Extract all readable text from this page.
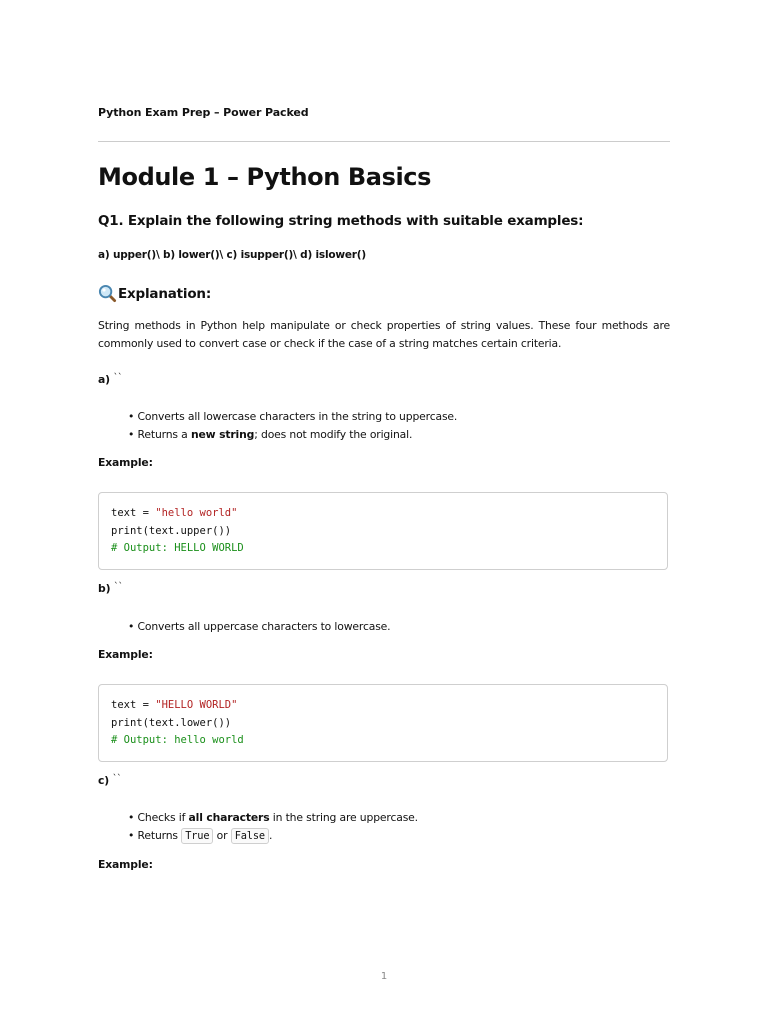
Python Exam Prep – Power Packed
Module 1 – Python Basics
Q1. Explain the following string methods with suitable examples:
a) upper()\ b) lower()\ c) isupper()\ d) islower()
Explanation:
String methods in Python help manipulate or check properties of string values. These four methods are commonly used to convert case or check if the case of a string matches certain criteria.
a) ``
• Converts all lowercase characters in the string to uppercase.
• Returns a new string; does not modify the original.
Example:
text = "hello world"
print(text.upper())
# Output: HELLO WORLD
b) ``
• Converts all uppercase characters to lowercase.
Example:
text = "HELLO WORLD"
print(text.lower())
# Output: hello world
c) ``
• Checks if all characters in the string are uppercase.
• Returns True or False .
Example:
1
